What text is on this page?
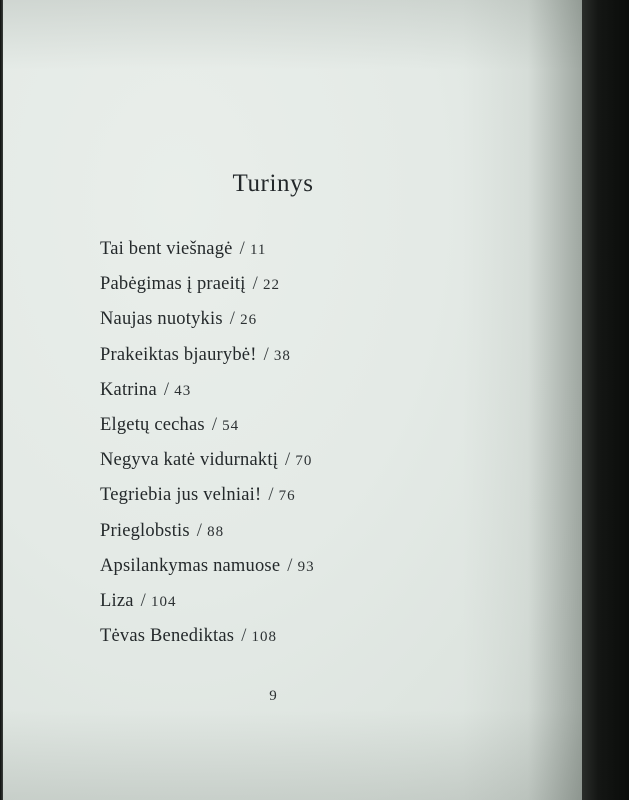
Turinys
Tai bent viešnagė / 11
Pabėgimas į praeitį / 22
Naujas nuotykis / 26
Prakeiktas bjaurybė! / 38
Katrina / 43
Elgetų cechas / 54
Negyva katė vidurnaktį / 70
Tegriebia jus velniai! / 76
Prieglobstis / 88
Apsilankymas namuose / 93
Liza / 104
Tėvas Benediktas / 108
9
